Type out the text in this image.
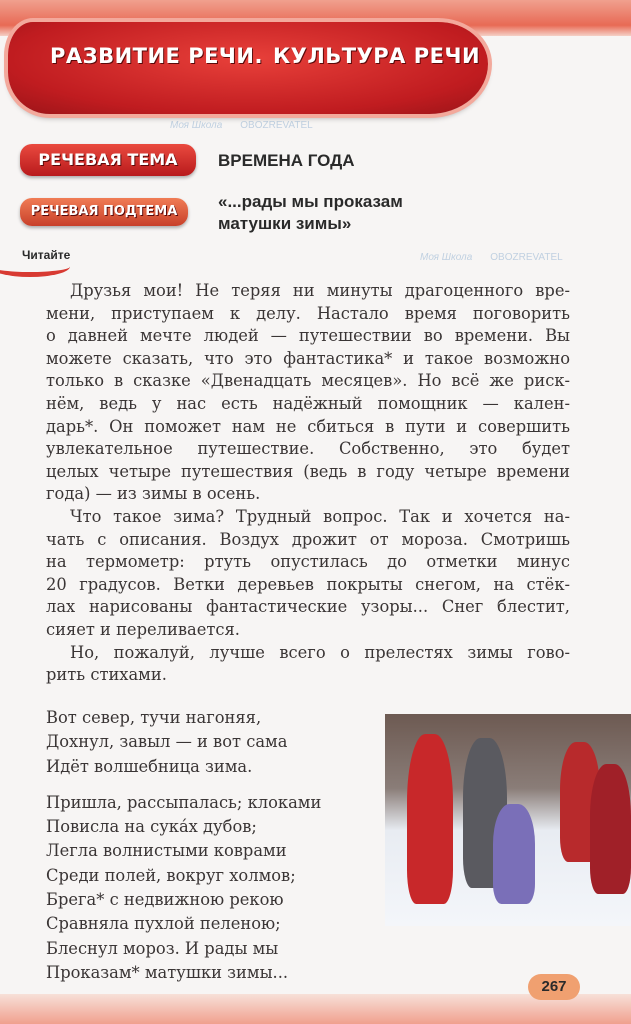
РАЗВИТИЕ РЕЧИ. КУЛЬТУРА РЕЧИ
РЕЧЕВАЯ ТЕМА	ВРЕМЕНА ГОДА
РЕЧЕВАЯ ПОДТЕМА
«...рады мы проказам
матушки зимы»
Читайте
Друзья мои! Не теряя ни минуты драгоценного вре-
мени, приступаем к делу. Настало время поговорить
о давней мечте людей — путешествии во времени. Вы
можете сказать, что это фантастика* и такое возможно
только в сказке «Двенадцать месяцев». Но всё же риск-
нём, ведь у нас есть надёжный помощник — кален-
дарь*. Он поможет нам не сбиться в пути и совершить
увлекательное путешествие. Собственно, это будет
целых четыре путешествия (ведь в году четыре времени
года) — из зимы в осень.
Что такое зима? Трудный вопрос. Так и хочется на-
чать с описания. Воздух дрожит от мороза. Смотришь
на термометр: ртуть опустилась до отметки минус
20 градусов. Ветки деревьев покрыты снегом, на стёк-
лах нарисованы фантастические узоры... Снег блестит,
сияет и переливается.
Но, пожалуй, лучше всего о прелестях зимы гово-
рить стихами.
Вот север, тучи нагоняя,
Дохнул, завыл — и вот сама
Идёт волшебница зима.
Пришла, рассыпалась; клоками
Повисла на сука́х дубов;
Легла волнистыми коврами
Среди полей, вокруг холмов;
Брега* с недвижною рекою
Сравняла пухлой пеленою;
Блеснул мороз. И рады мы
Проказам* матушки зимы...
267
Моя Школа OBOZREVATEL
Моя Школа OBOZREVATEL
